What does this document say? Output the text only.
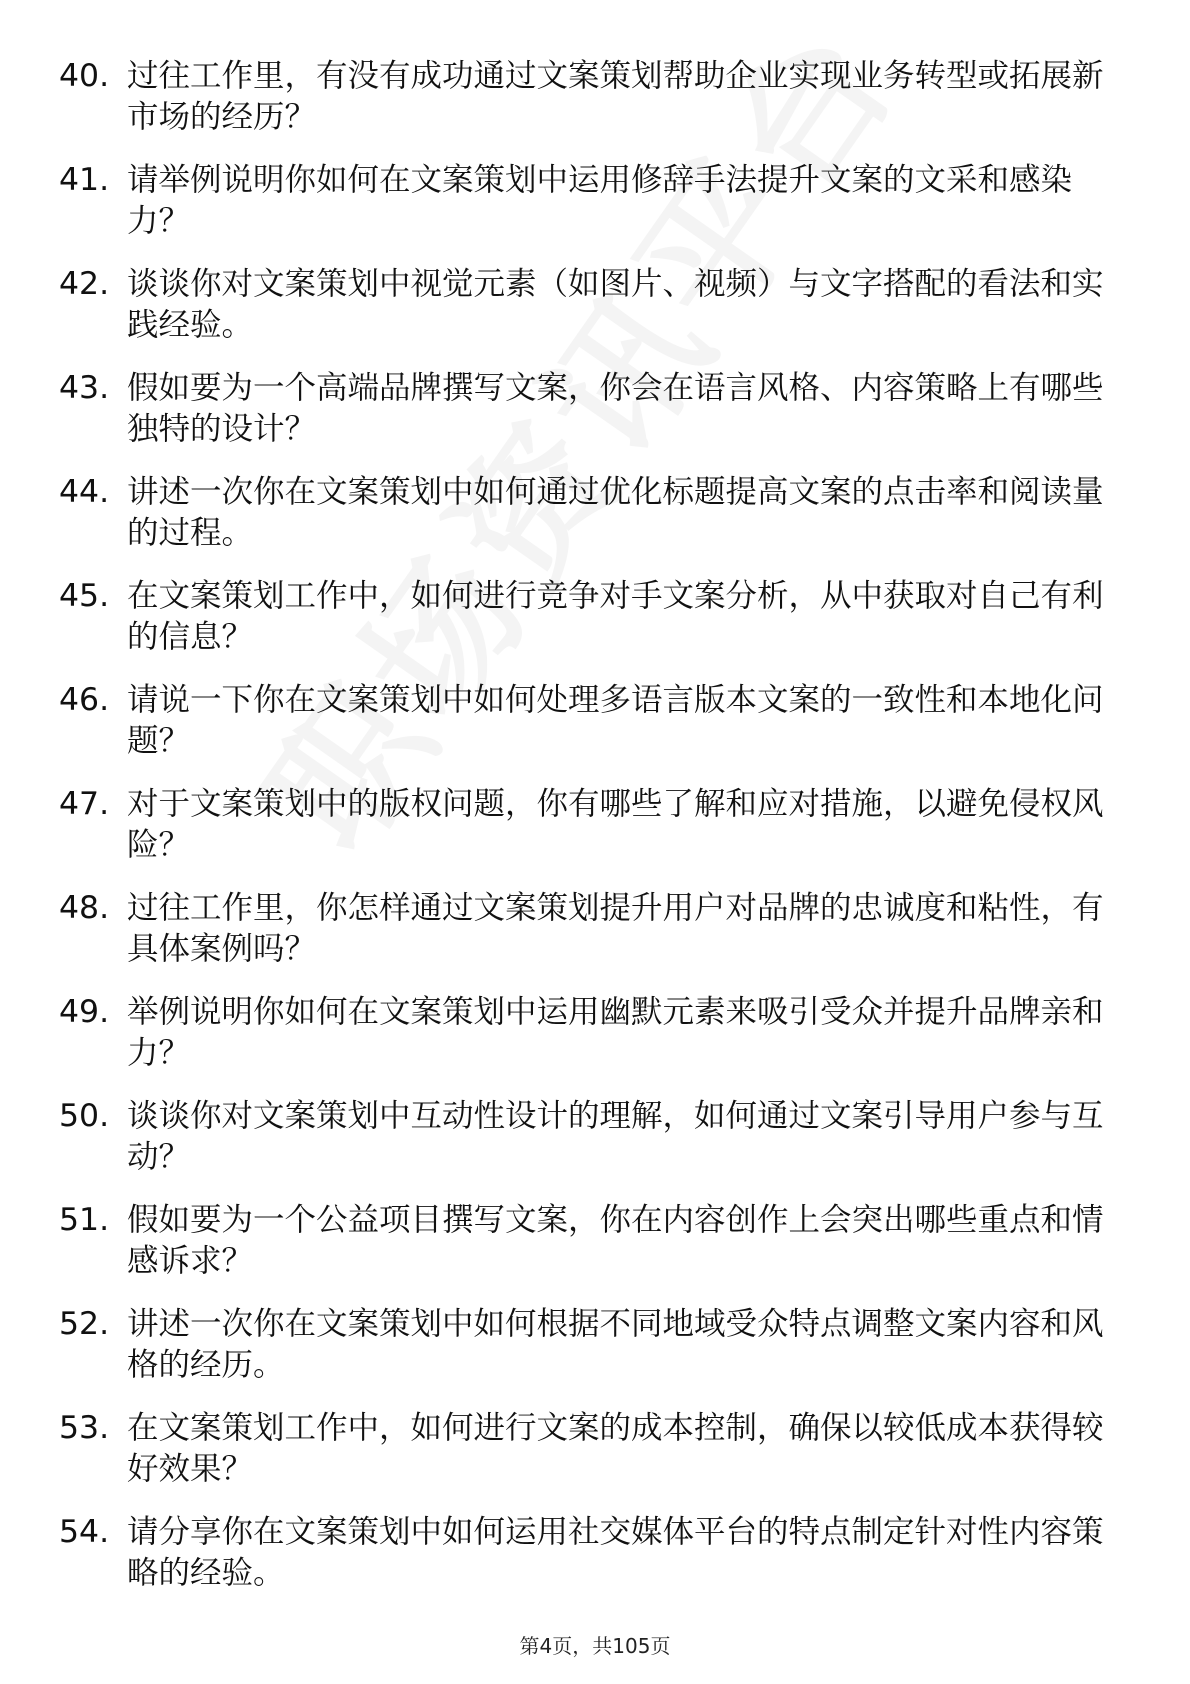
40. 过往工作里，有没有成功通过文案策划帮助企业实现业务转型或拓展新市场的经历？
41. 请举例说明你如何在文案策划中运用修辞手法提升文案的文采和感染力？
42. 谈谈你对文案策划中视觉元素（如图片、视频）与文字搭配的看法和实践经验。
43. 假如要为一个高端品牌撰写文案，你会在语言风格、内容策略上有哪些独特的设计？
44. 讲述一次你在文案策划中如何通过优化标题提高文案的点击率和阅读量的过程。
45. 在文案策划工作中，如何进行竞争对手文案分析，从中获取对自己有利的信息？
46. 请说一下你在文案策划中如何处理多语言版本文案的一致性和本地化问题？
47. 对于文案策划中的版权问题，你有哪些了解和应对措施，以避免侵权风险？
48. 过往工作里，你怎样通过文案策划提升用户对品牌的忠诚度和粘性，有具体案例吗？
49. 举例说明你如何在文案策划中运用幽默元素来吸引受众并提升品牌亲和力？
50. 谈谈你对文案策划中互动性设计的理解，如何通过文案引导用户参与互动？
51. 假如要为一个公益项目撰写文案，你在内容创作上会突出哪些重点和情感诉求？
52. 讲述一次你在文案策划中如何根据不同地域受众特点调整文案内容和风格的经历。
53. 在文案策划工作中，如何进行文案的成本控制，确保以较低成本获得较好效果？
54. 请分享你在文案策划中如何运用社交媒体平台的特点制定针对性内容策略的经验。
第4页，共105页
